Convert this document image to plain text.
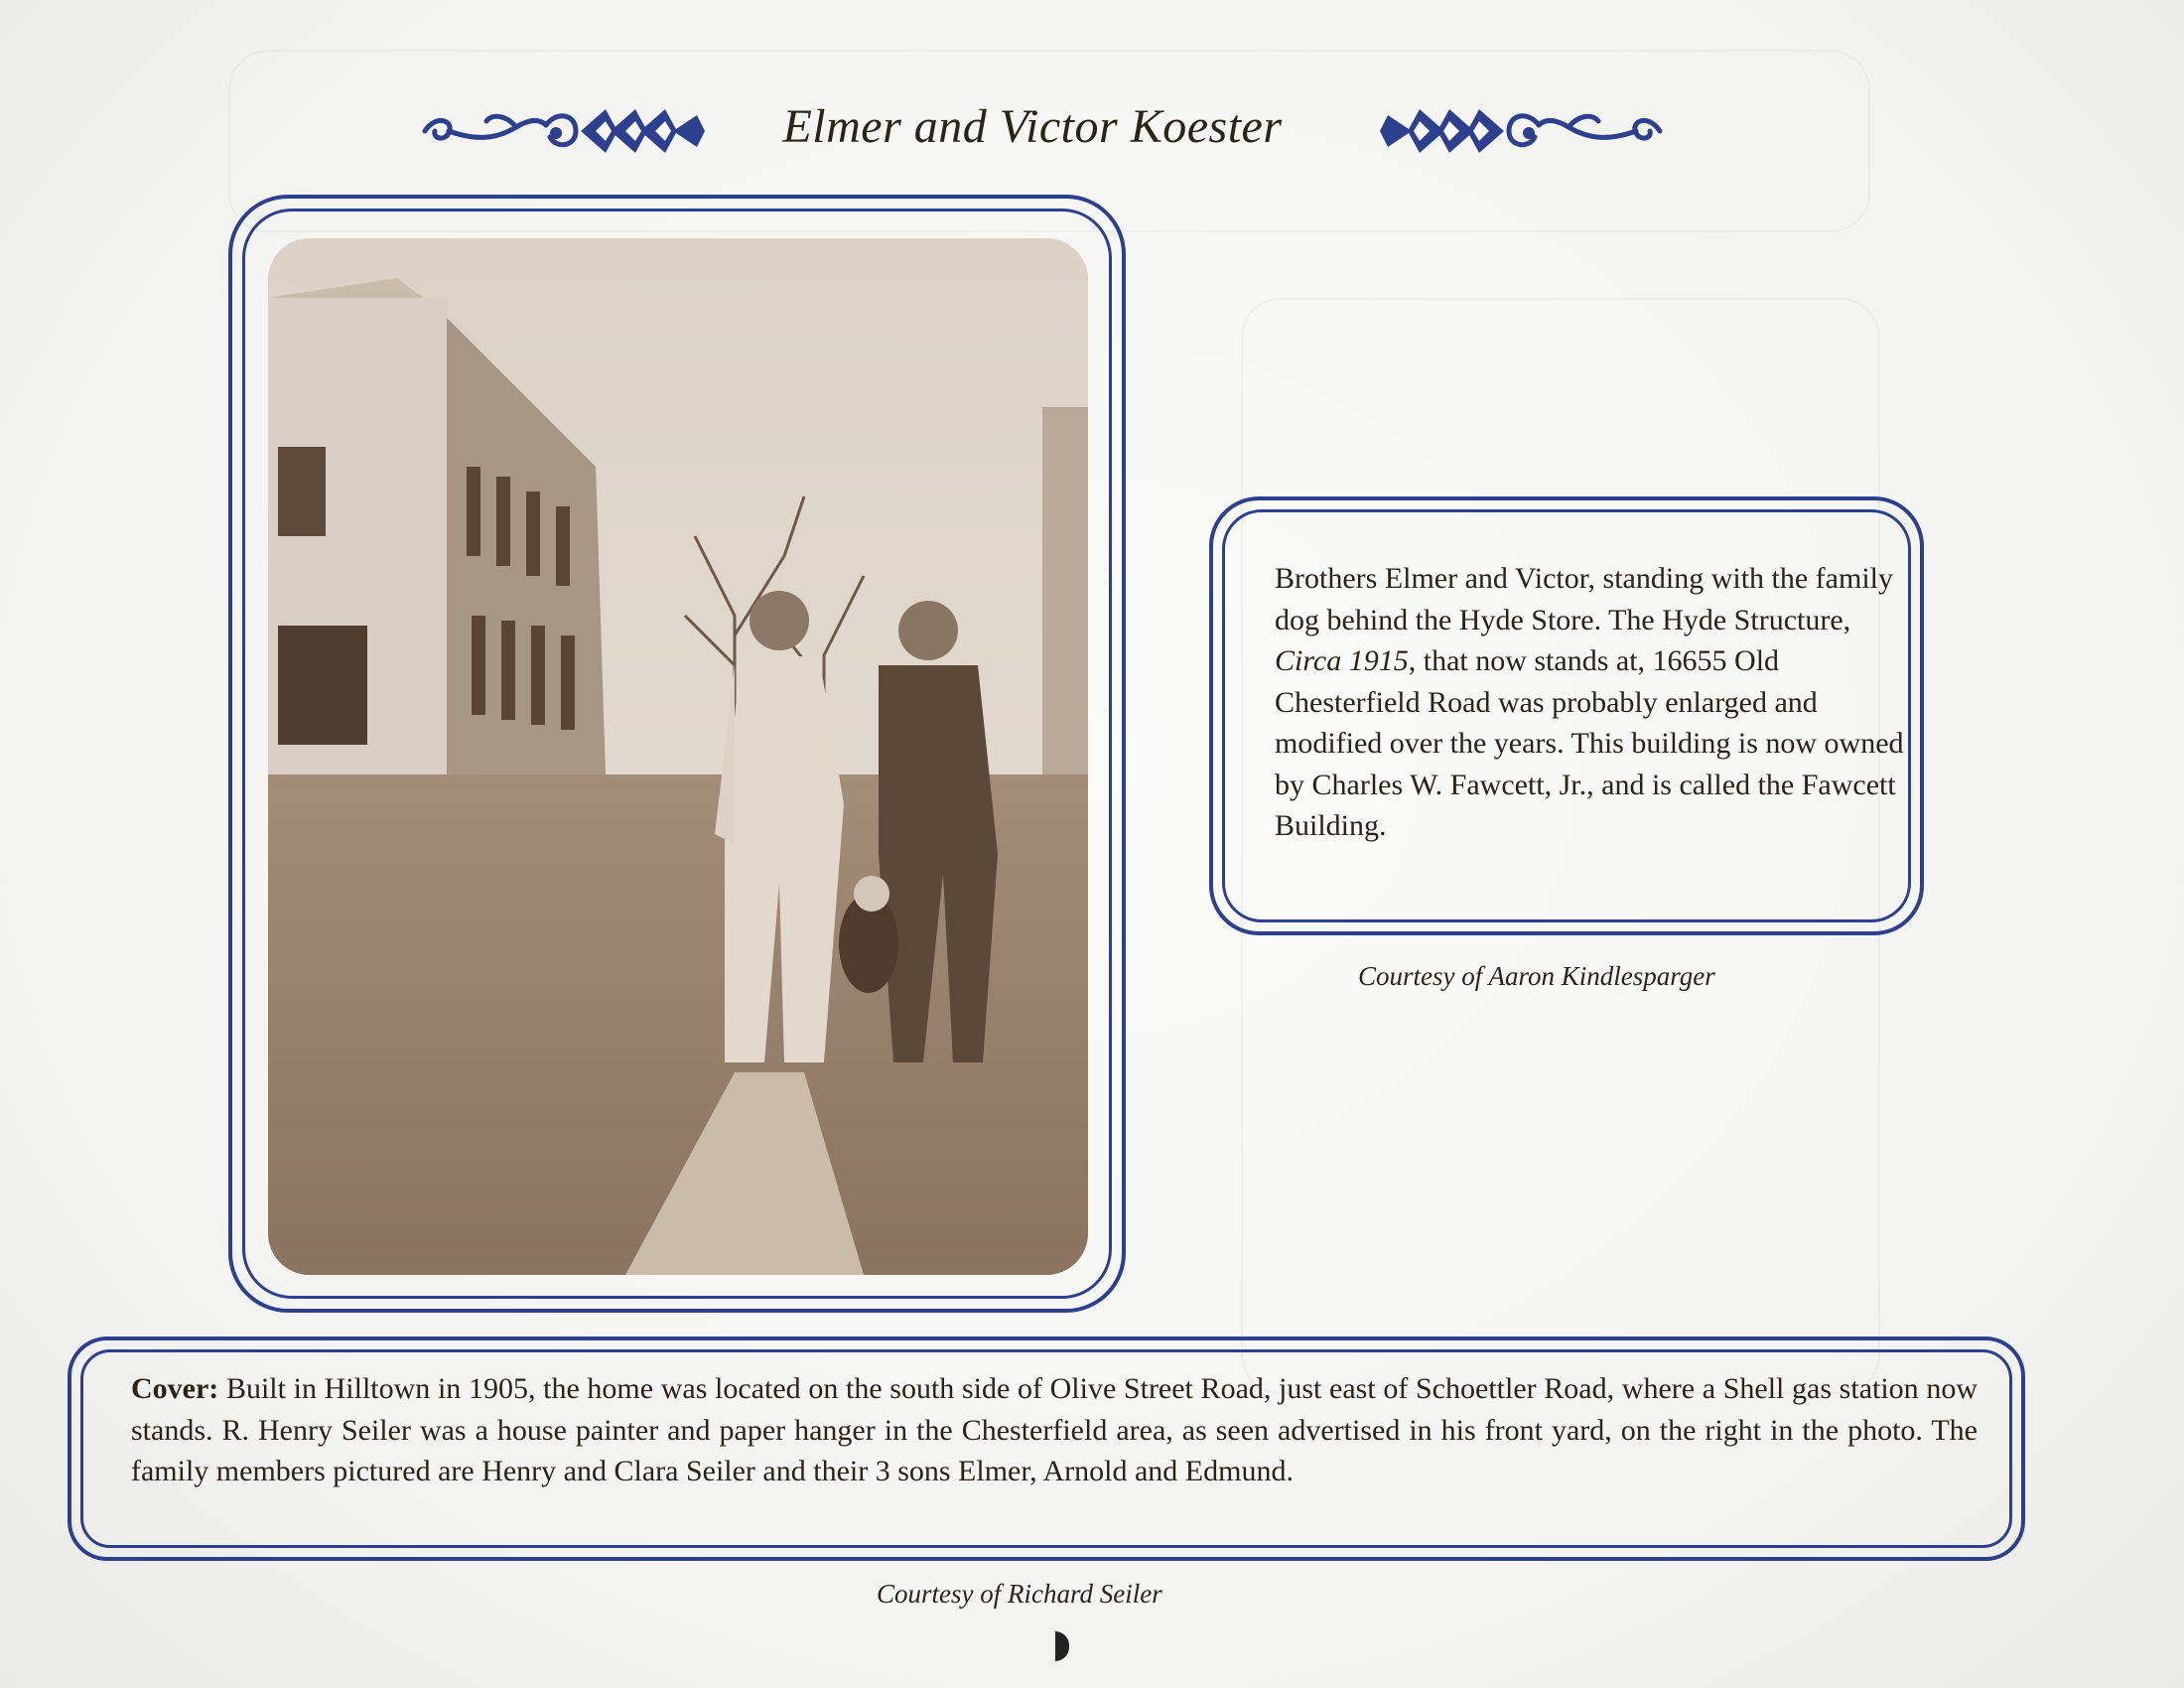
Elmer and Victor Koester

Brothers Elmer and Victor, standing with the family dog behind the Hyde Store. The Hyde Structure, Circa 1915, that now stands at, 16655 Old Chesterfield Road was probably enlarged and modified over the years. This building is now owned by Charles W. Fawcett, Jr., and is called the Fawcett Building.

Courtesy of Aaron Kindlesparger
Cover: Built in Hilltown in 1905, the home was located on the south side of Olive Street Road, just east of Schoettler Road, where a Shell gas station now stands. R. Henry Seiler was a house painter and paper hanger in the Chesterfield area, as seen advertised in his front yard, on the right in the photo. The family members pictured are Henry and Clara Seiler and their 3 sons Elmer, Arnold and Edmund.
Courtesy of Richard Seiler
